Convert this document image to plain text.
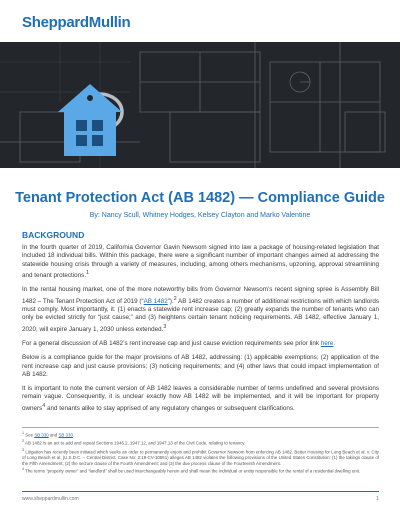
SheppardMullin
Tenant Protection Act (AB 1482) — Compliance Guide
By: Nancy Scull, Whitney Hodges, Kelsey Clayton and Marko Valentine
BACKGROUND

In the fourth quarter of 2019, California Governor Gavin Newsom signed into law a package of housing-related legislation that included 18 individual bills. Within this package, there were a significant number of important changes aimed at addressing the statewide housing crisis through a variety of measures, including, among others mechanisms, upzoning, approval streamlining and tenant protections.$^1$

In the rental housing market, one of the more noteworthy bills from Governor Newsom’s recent signing spree is Assembly Bill 1482 – The Tenant Protection Act of 2019 (“AB 1482”).$^2$ AB 1482 creates a number of additional restrictions with which landlords must comply. Most importantly, it: (1) enacts a statewide rent increase cap; (2) greatly expands the number of tenants who can only be evicted strictly for “just cause;” and (3) heightens certain tenant noticing requirements. AB 1482, effective January 1, 2020, will expire January 1, 2030 unless extended.$^3$

For a general discussion of AB 1482’s rent increase cap and just cause eviction requirements see prior link here.

Below is a compliance guide for the major provisions of AB 1482, addressing: (1) applicable exemptions; (2) application of the rent increase cap and just cause provisions; (3) noticing requirements; and (4) other laws that could impact implementation of AB 1482.

It is important to note the current version of AB 1482 leaves a considerable number of terms undefined and several provisions remain vague. Consequently, it is unclear exactly how AB 1482 will be implemented, and it will be important for property owners$^4$ and tenants alike to stay apprised of any regulatory changes or subsequent clarifications.

$^1$ See SB 330 and SB 330.
$^2$ AB 1482 is an act to add and repeal Sections 1946.2, 1947.12, and 1947.13 of the Civil Code, relating to tenancy.
$^3$ Litigation has recently been initiated which seeks an order to permanently enjoin and prohibit Governor Newsom from enforcing AB 1482. Better Housing for Long Beach et al. v. City of Long Beach et al. (U.S.D.C. – Central District, Case No: 2:19-CV-10551) alleges AB 1482 violates the following provisions of the United States Constitution: (1) the takings clause of the Fifth Amendment; (2) the seizure clause of the Fourth Amendment; and (3) the due process clause of the Fourteenth Amendment.
$^4$ The terms “property owner” and “landlord” shall be used interchangeably herein and shall mean the individual or entity responsible for the rental of a residential dwelling unit.
www.sheppardmullin.com	1
